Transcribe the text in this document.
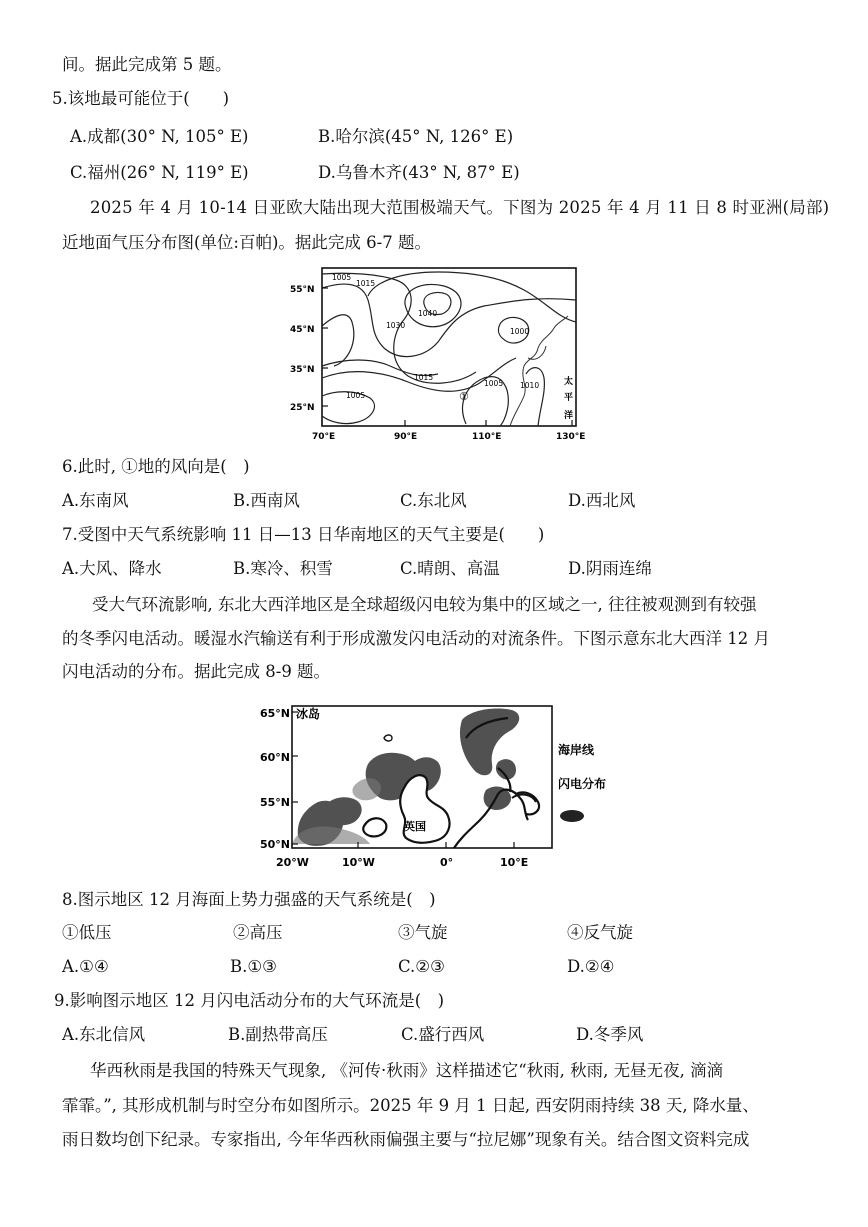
间。据此完成第 5 题。
5.该地最可能位于(　　)
A.成都(30° N, 105° E)	B.哈尔滨(45° N, 126° E)
C.福州(26° N, 119° E)	D.乌鲁木齐(43° N, 87° E)
2025 年 4 月 10-14 日亚欧大陆出现大范围极端天气。下图为 2025 年 4 月 11 日 8 时亚洲(局部)
近地面气压分布图(单位:百帕)。据此完成 6-7 题。
55°N
45°N
35°N
25°N
70°E	90°E	110°E	130°E
1005
1015
1040
1030
1000
1015
1005 1010
1005	①
太
平
洋
6.此时, ①地的风向是(　)
A.东南风	B.西南风	C.东北风	D.西北风
7.受图中天气系统影响 11 日—13 日华南地区的天气主要是(　　)
A.大风、降水	B.寒冷、积雪	C.晴朗、高温	D.阴雨连绵
受大气环流影响, 东北大西洋地区是全球超级闪电较为集中的区域之一, 往往被观测到有较强
的冬季闪电活动。暖湿水汽输送有利于形成激发闪电活动的对流条件。下图示意东北大西洋 12 月
闪电活动的分布。据此完成 8-9 题。
65°N
60°N
55°N
50°N
20°W	10°W	0°	10°E
冰岛
英国
海岸线
闪电分布
8.图示地区 12 月海面上势力强盛的天气系统是(　)
①低压	②高压	③气旋	④反气旋
A.①④	B.①③	C.②③	D.②④
9.影响图示地区 12 月闪电活动分布的大气环流是(　)
A.东北信风	B.副热带高压	C.盛行西风	D.冬季风
华西秋雨是我国的特殊天气现象, 《河传·秋雨》这样描述它“秋雨, 秋雨, 无昼无夜, 滴滴
霏霏。”, 其形成机制与时空分布如图所示。2025 年 9 月 1 日起, 西安阴雨持续 38 天, 降水量、
雨日数均创下纪录。专家指出, 今年华西秋雨偏强主要与“拉尼娜”现象有关。结合图文资料完成
